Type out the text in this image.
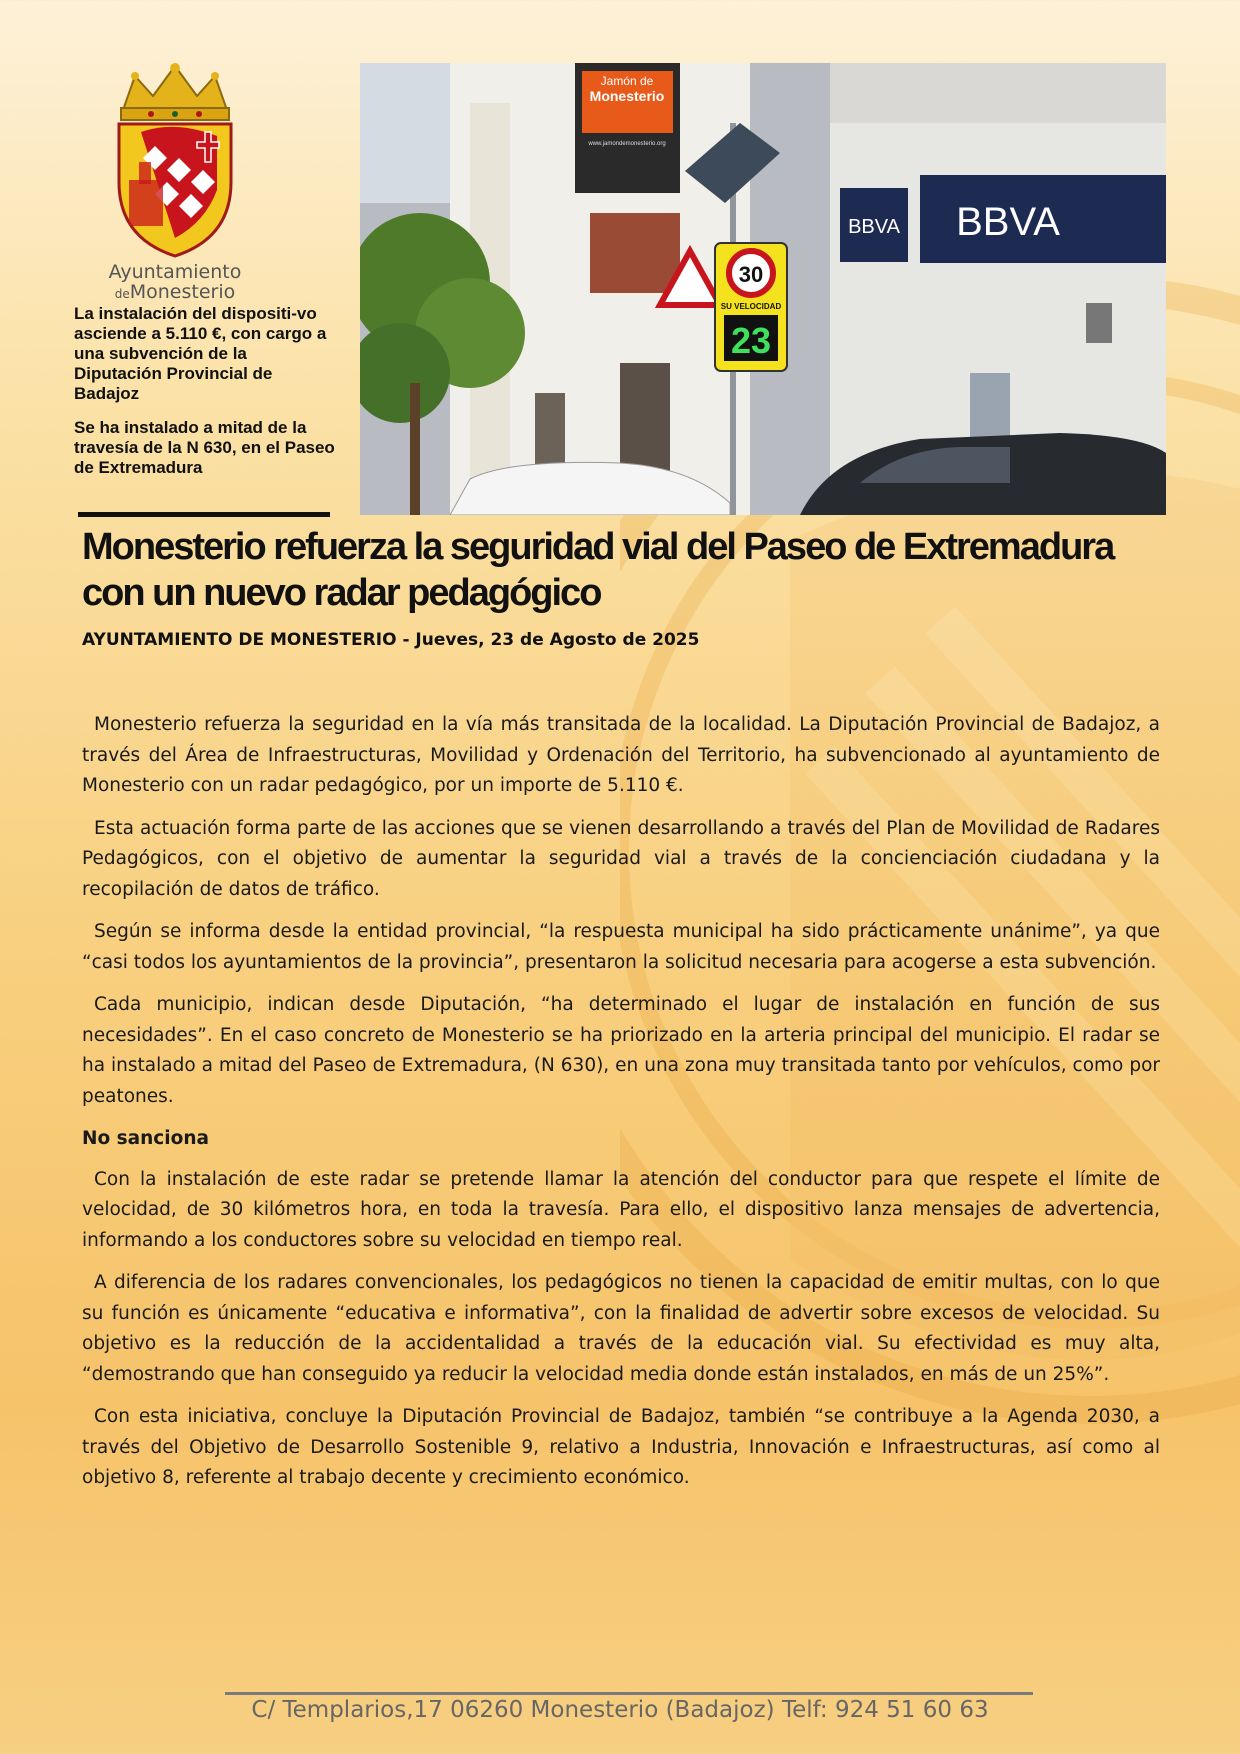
Ayuntamiento
deMonesterio

La instalación del dispositi-vo asciende a 5.110 €, con cargo a una subvención de la Diputación Provincial de Badajoz

Se ha instalado a mitad de la travesía de la N 630, en el Paseo de Extremadura

Jamón de
Monesterio
www.jamondemonesterio.org
30
SU VELOCIDAD
23
BBVA BBVA
Monesterio refuerza la seguridad vial del Paseo de Extremadura con un nuevo radar pedagógico

AYUNTAMIENTO DE MONESTERIO - Jueves, 23 de Agosto de 2025

Monesterio refuerza la seguridad en la vía más transitada de la localidad. La Diputación Provincial de Badajoz, a través del Área de Infraestructuras, Movilidad y Ordenación del Territorio, ha subvencionado al ayuntamiento de Monesterio con un radar pedagógico, por un importe de 5.110 €.

Esta actuación forma parte de las acciones que se vienen desarrollando a través del Plan de Movilidad de Radares Pedagógicos, con el objetivo de aumentar la seguridad vial a través de la concienciación ciudadana y la recopilación de datos de tráfico.

Según se informa desde la entidad provincial, “la respuesta municipal ha sido prácticamente unánime”, ya que “casi todos los ayuntamientos de la provincia”, presentaron la solicitud necesaria para acogerse a esta subvención.

Cada municipio, indican desde Diputación, “ha determinado el lugar de instalación en función de sus necesidades”. En el caso concreto de Monesterio se ha priorizado en la arteria principal del municipio. El radar se ha instalado a mitad del Paseo de Extremadura, (N 630), en una zona muy transitada tanto por vehículos, como por peatones.

No sanciona

Con la instalación de este radar se pretende llamar la atención del conductor para que respete el límite de velocidad, de 30 kilómetros hora, en toda la travesía. Para ello, el dispositivo lanza mensajes de advertencia, informando a los conductores sobre su velocidad en tiempo real.

A diferencia de los radares convencionales, los pedagógicos no tienen la capacidad de emitir multas, con lo que su función es únicamente “educativa e informativa”, con la finalidad de advertir sobre excesos de velocidad. Su objetivo es la reducción de la accidentalidad a través de la educación vial. Su efectividad es muy alta, “demostrando que han conseguido ya reducir la velocidad media donde están instalados, en más de un 25%”.

Con esta iniciativa, concluye la Diputación Provincial de Badajoz, también “se contribuye a la Agenda 2030, a través del Objetivo de Desarrollo Sostenible 9, relativo a Industria, Innovación e Infraestructuras, así como al objetivo 8, referente al trabajo decente y crecimiento económico.

C/ Templarios,17 06260 Monesterio (Badajoz) Telf: 924 51 60 63
